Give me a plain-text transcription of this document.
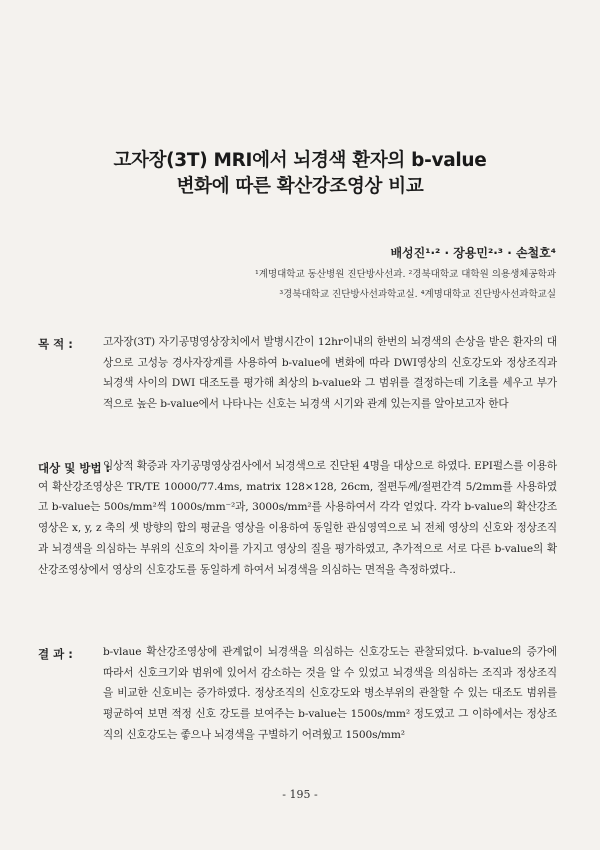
고자장(3T) MRI에서 뇌경색 환자의 b-value
변화에 따른 확산강조영상 비교
배성진¹·² · 장용민²·³ · 손철호⁴
¹계명대학교 동산병원 진단방사선과. ²경북대학교 대학원 의용생체공학과
³경북대학교 진단방사선과학교실. ⁴계명대학교 진단방사선과학교실
목 적 :	고자장(3T) 자기공명영상장치에서 발병시간이 12hr이내의 한번의 뇌경색의 손상을 받은 환자의 대상으로 고성능 경사자장계를 사용하여 b-value에 변화에 따라 DWI영상의 신호강도와 정상조직과 뇌경색 사이의 DWI 대조도를 평가해 최상의 b-value와 그 범위를 결정하는데 기초를 세우고 부가적으로 높은 b-value에서 나타나는 신호는 뇌경색 시기와 관계 있는지를 알아보고자 한다
대상 및 방법 :
임상적 확증과 자기공명영상검사에서 뇌경색으로 진단된 4명을 대상으로 하였다. EPI펄스를 이용하여 확산강조영상은 TR/TE 10000/77.4ms, matrix 128×128, 26cm, 절편두께/절편간격 5/2mm를 사용하였고 b-value는 500s/mm²씩 1000s/mm⁻²과, 3000s/mm²를 사용하여서 각각 얻었다. 각각 b-value의 확산강조영상은 x, y, z 축의 셋 방향의 합의 평균을 영상을 이용하여 동일한 관심영역으로 뇌 전체 영상의 신호와 정상조직과 뇌경색을 의심하는 부위의 신호의 차이를 가지고 영상의 질을 평가하였고, 추가적으로 서로 다른 b-value의 확산강조영상에서 영상의 신호강도를 동일하게 하여서 뇌경색을 의심하는 면적을 측정하였다..
결 과 :	b-vlaue 확산강조영상에 관계없이 뇌경색을 의심하는 신호강도는 관찰되었다. b-value의 증가에 따라서 신호크기와 범위에 있어서 감소하는 것을 알 수 있었고 뇌경색을 의심하는 조직과 정상조직을 비교한 신호비는 증가하였다. 정상조직의 신호강도와 병소부위의 관찰할 수 있는 대조도 범위를 평균하여 보면 적정 신호 강도를 보여주는 b-value는 1500s/mm² 정도였고 그 이하에서는 정상조직의 신호강도는 좋으나 뇌경색을 구별하기 어려웠고 1500s/mm²
- 195 -
